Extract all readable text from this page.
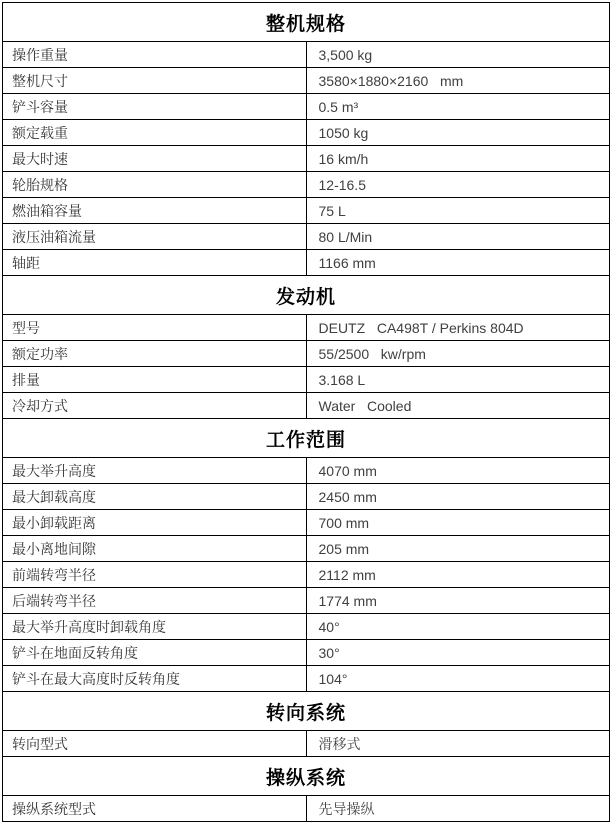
整机规格	
操作重量	3,500 kg
整机尺寸	3580×1880×2160   mm
铲斗容量	0.5 m³
额定载重	1050 kg
最大时速	16 km/h
轮胎规格	12-16.5
燃油箱容量	75 L
液压油箱流量	80 L/Min
轴距	1166 mm
发动机	
型号	DEUTZ   CA498T / Perkins 804D
额定功率	55/2500   kw/rpm
排量	3.168 L
冷却方式	Water   Cooled
工作范围	
最大举升高度	4070 mm
最大卸载高度	2450 mm
最小卸载距离	700 mm
最小离地间隙	205 mm
前端转弯半径	2112 mm
后端转弯半径	1774 mm
最大举升高度时卸载角度	40°
铲斗在地面反转角度	30°
铲斗在最大高度时反转角度	104°
转向系统	
转向型式	滑移式
操纵系统	
操纵系统型式	先导操纵
